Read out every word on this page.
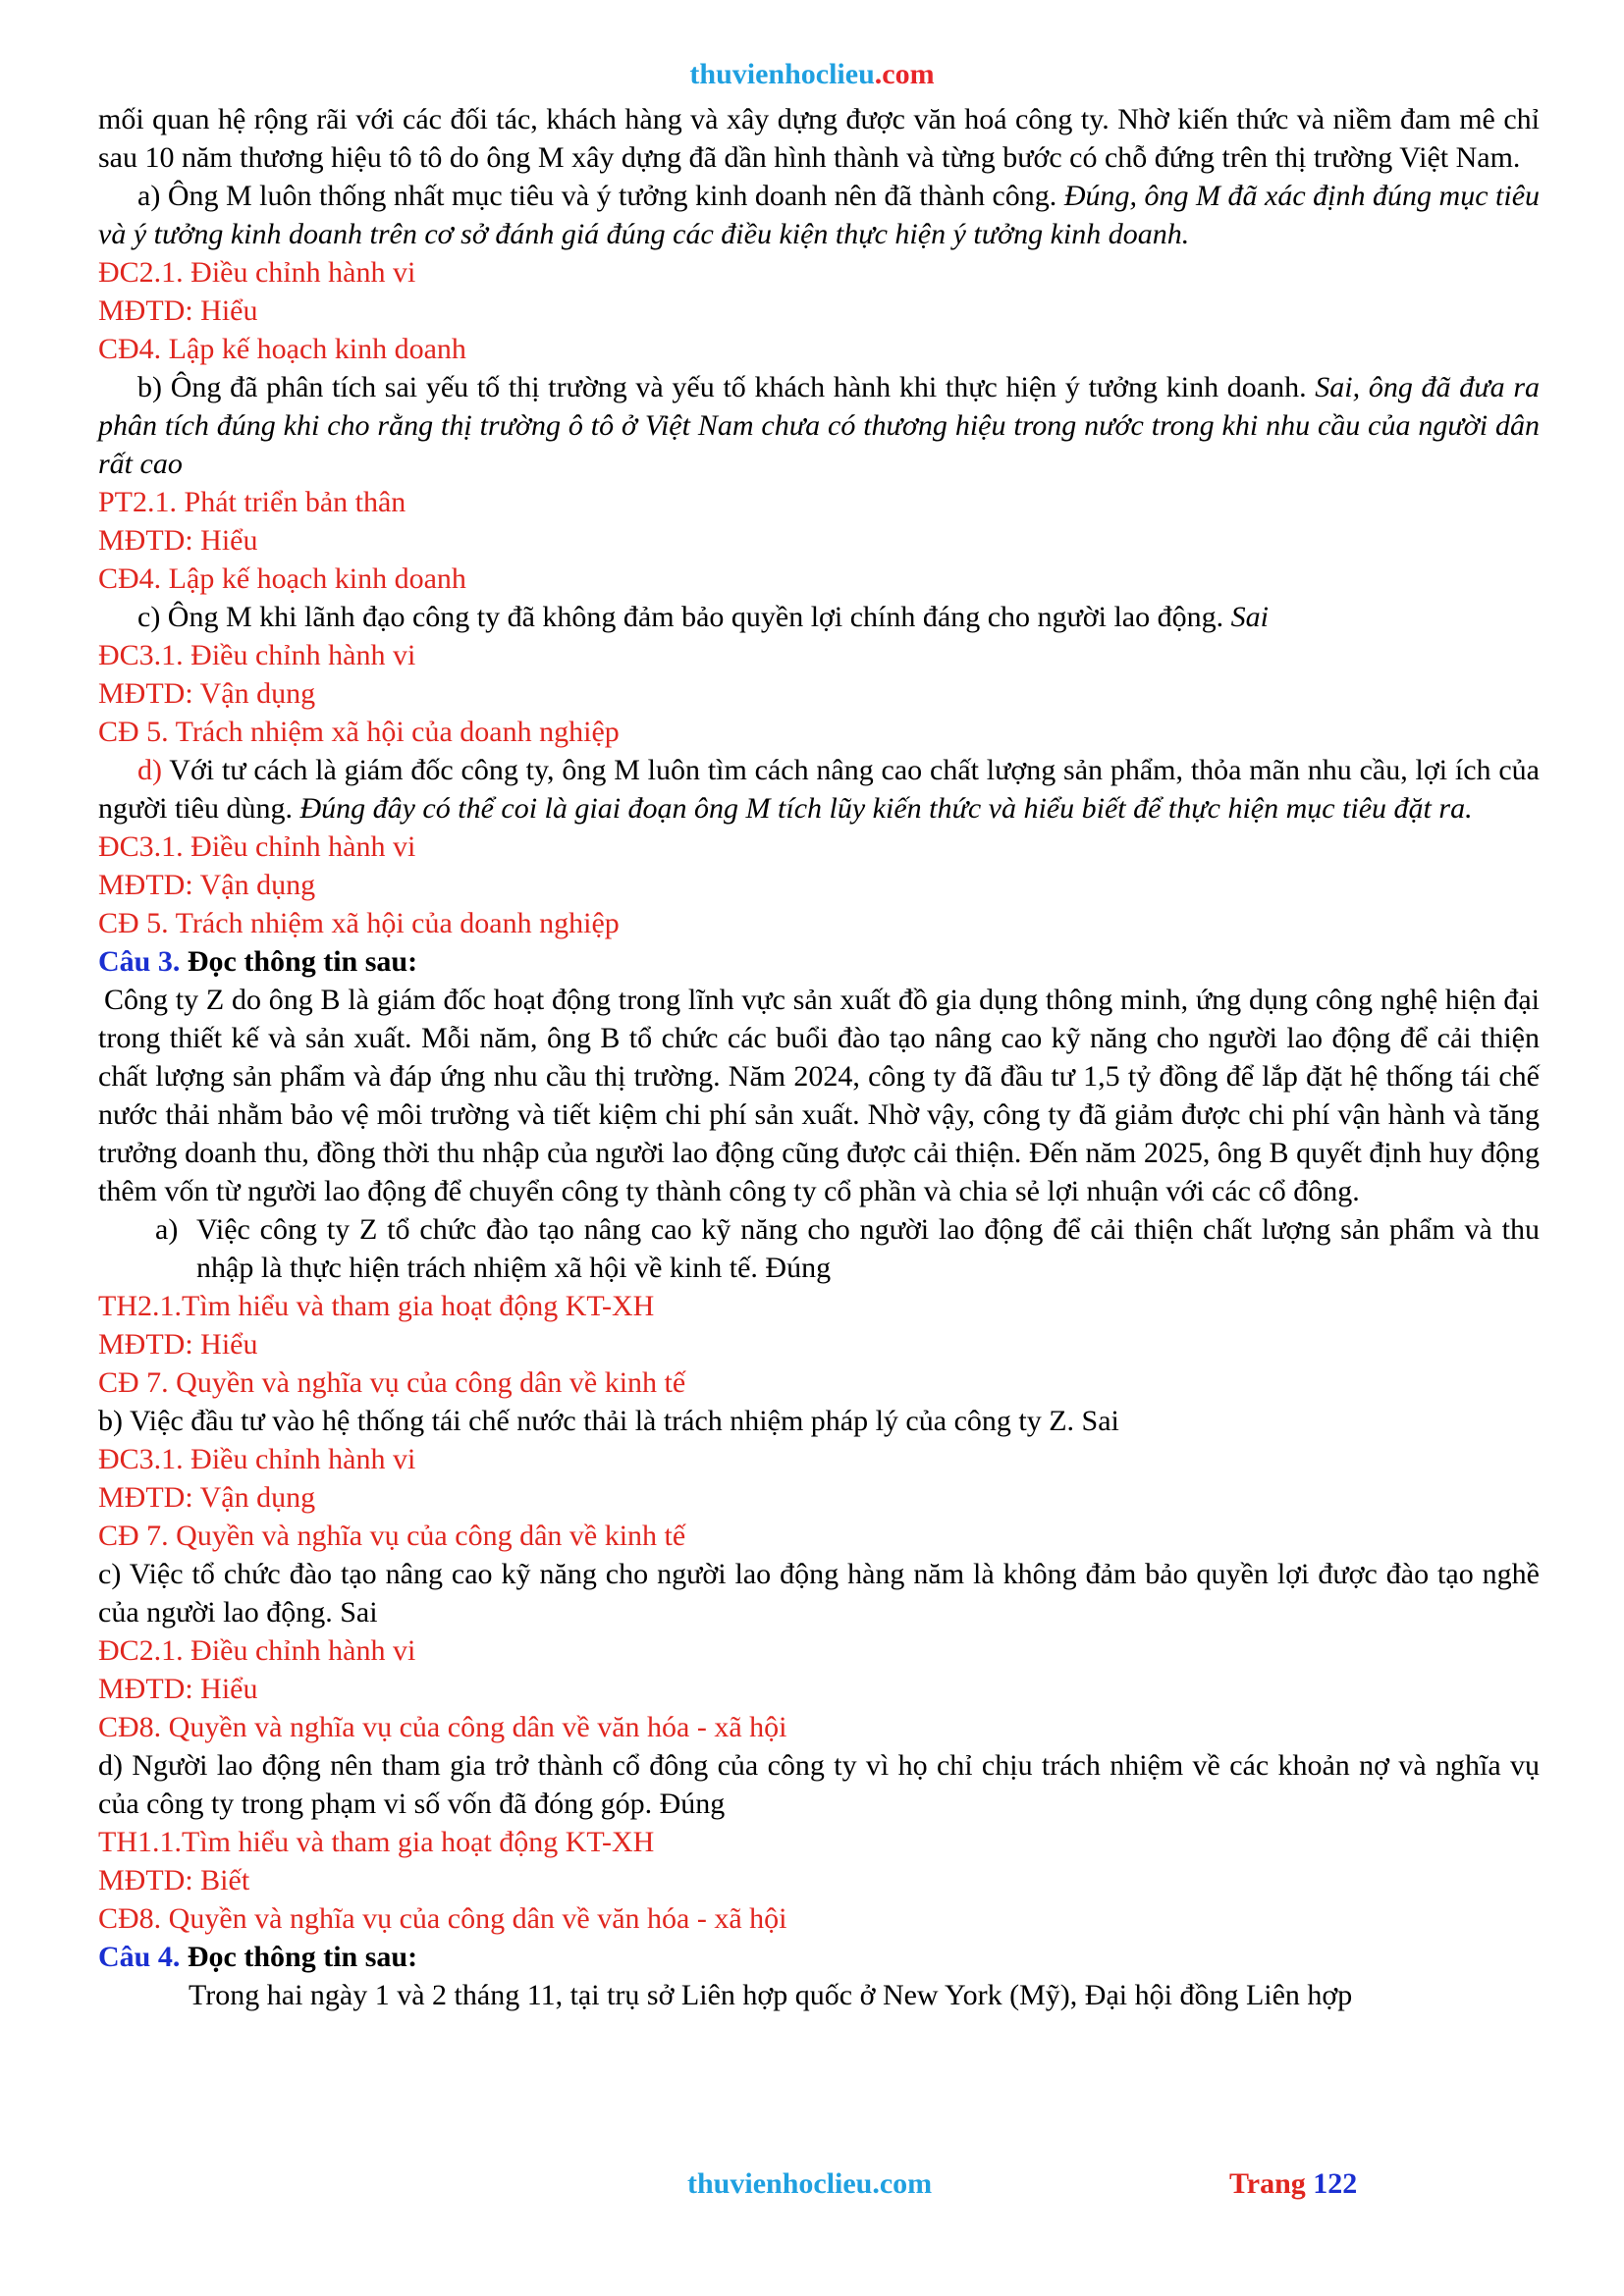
thuvienhoclieu.com

mối quan hệ rộng rãi với các đối tác, khách hàng và xây dựng được văn hoá công ty. Nhờ kiến thức và niềm đam mê chỉ sau 10 năm thương hiệu tô tô do ông M xây dựng đã dần hình thành và từng bước có chỗ đứng trên thị trường Việt Nam.

a) Ông M luôn thống nhất mục tiêu và ý tưởng kinh doanh nên đã thành công. Đúng, ông M đã xác định đúng mục tiêu và ý tưởng kinh doanh trên cơ sở đánh giá đúng các điều kiện thực hiện ý tưởng kinh doanh.

ĐC2.1. Điều chỉnh hành vi

MĐTD: Hiểu

CĐ4. Lập kế hoạch kinh doanh

b) Ông đã phân tích sai yếu tố thị trường và yếu tố khách hành khi thực hiện ý tưởng kinh doanh. Sai, ông đã đưa ra phân tích đúng khi cho rằng thị trường ô tô ở Việt Nam chưa có thương hiệu trong nước trong khi nhu cầu của người dân rất cao

PT2.1. Phát triển bản thân

MĐTD: Hiểu

CĐ4. Lập kế hoạch kinh doanh

c) Ông M khi lãnh đạo công ty đã không đảm bảo quyền lợi chính đáng cho người lao động. Sai

ĐC3.1. Điều chỉnh hành vi

MĐTD: Vận dụng

CĐ 5. Trách nhiệm xã hội của doanh nghiệp

d) Với tư cách là giám đốc công ty, ông M luôn tìm cách nâng cao chất lượng sản phẩm, thỏa mãn nhu cầu, lợi ích của người tiêu dùng. Đúng đây có thể coi là giai đoạn ông M tích lũy kiến thức và hiểu biết để thực hiện mục tiêu đặt ra.

ĐC3.1. Điều chỉnh hành vi

MĐTD: Vận dụng

CĐ 5. Trách nhiệm xã hội của doanh nghiệp

Câu 3. Đọc thông tin sau:

Công ty Z do ông B là giám đốc hoạt động trong lĩnh vực sản xuất đồ gia dụng thông minh, ứng dụng công nghệ hiện đại trong thiết kế và sản xuất. Mỗi năm, ông B tổ chức các buổi đào tạo nâng cao kỹ năng cho người lao động để cải thiện chất lượng sản phẩm và đáp ứng nhu cầu thị trường. Năm 2024, công ty đã đầu tư 1,5 tỷ đồng để lắp đặt hệ thống tái chế nước thải nhằm bảo vệ môi trường và tiết kiệm chi phí sản xuất. Nhờ vậy, công ty đã giảm được chi phí vận hành và tăng trưởng doanh thu, đồng thời thu nhập của người lao động cũng được cải thiện. Đến năm 2025, ông B quyết định huy động thêm vốn từ người lao động để chuyển công ty thành công ty cổ phần và chia sẻ lợi nhuận với các cổ đông.

a) Việc công ty Z tổ chức đào tạo nâng cao kỹ năng cho người lao động để cải thiện chất lượng sản phẩm và thu nhập là thực hiện trách nhiệm xã hội về kinh tế. Đúng

TH2.1.Tìm hiểu và tham gia hoạt động KT-XH

MĐTD: Hiểu

CĐ 7. Quyền và nghĩa vụ của công dân về kinh tế

b) Việc đầu tư vào hệ thống tái chế nước thải là trách nhiệm pháp lý của công ty Z. Sai

ĐC3.1. Điều chỉnh hành vi

MĐTD: Vận dụng

CĐ 7. Quyền và nghĩa vụ của công dân về kinh tế

c) Việc tổ chức đào tạo nâng cao kỹ năng cho người lao động hàng năm là không đảm bảo quyền lợi được đào tạo nghề của người lao động. Sai

ĐC2.1. Điều chỉnh hành vi

MĐTD: Hiểu

CĐ8. Quyền và nghĩa vụ của công dân về văn hóa - xã hội

d) Người lao động nên tham gia trở thành cổ đông của công ty vì họ chỉ chịu trách nhiệm về các khoản nợ và nghĩa vụ của công ty trong phạm vi số vốn đã đóng góp. Đúng

TH1.1.Tìm hiểu và tham gia hoạt động KT-XH

MĐTD: Biết

CĐ8. Quyền và nghĩa vụ của công dân về văn hóa - xã hội

Câu 4. Đọc thông tin sau:

Trong hai ngày 1 và 2 tháng 11, tại trụ sở Liên hợp quốc ở New York (Mỹ), Đại hội đồng Liên hợp

thuvienhoclieu.com	Trang 122
